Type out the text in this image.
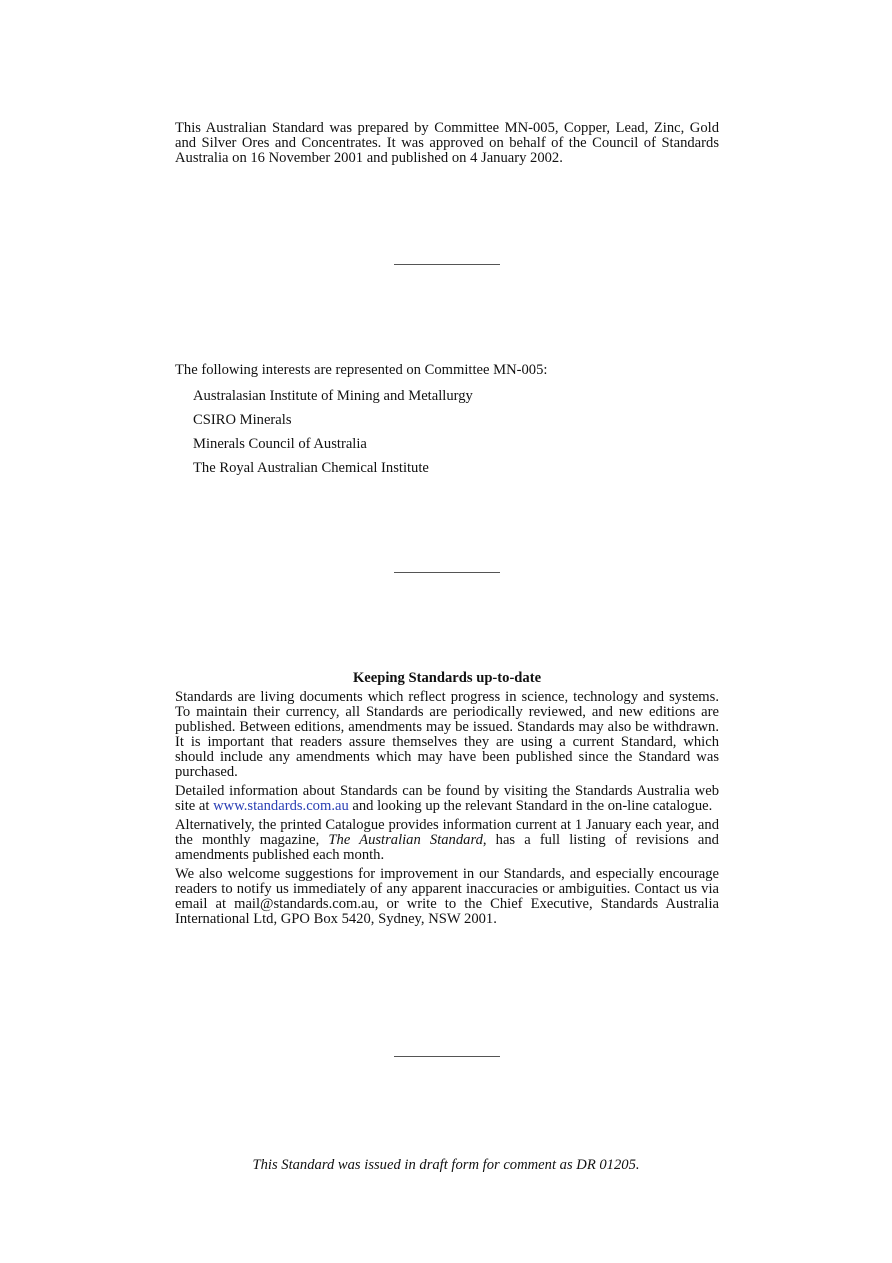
This Australian Standard was prepared by Committee MN-005, Copper, Lead, Zinc, Gold and Silver Ores and Concentrates. It was approved on behalf of the Council of Standards Australia on 16 November 2001 and published on 4 January 2002.

The following interests are represented on Committee MN-005:

Australasian Institute of Mining and Metallurgy
CSIRO Minerals
Minerals Council of Australia
The Royal Australian Chemical Institute

Keeping Standards up-to-date

Standards are living documents which reflect progress in science, technology and systems. To maintain their currency, all Standards are periodically reviewed, and new editions are published. Between editions, amendments may be issued. Standards may also be withdrawn. It is important that readers assure themselves they are using a current Standard, which should include any amendments which may have been published since the Standard was purchased.

Detailed information about Standards can be found by visiting the Standards Australia web site at www.standards.com.au and looking up the relevant Standard in the on-line catalogue.

Alternatively, the printed Catalogue provides information current at 1 January each year, and the monthly magazine, The Australian Standard, has a full listing of revisions and amendments published each month.

We also welcome suggestions for improvement in our Standards, and especially encourage readers to notify us immediately of any apparent inaccuracies or ambiguities. Contact us via email at mail@standards.com.au, or write to the Chief Executive, Standards Australia International Ltd, GPO Box 5420, Sydney, NSW 2001.

This Standard was issued in draft form for comment as DR 01205.
